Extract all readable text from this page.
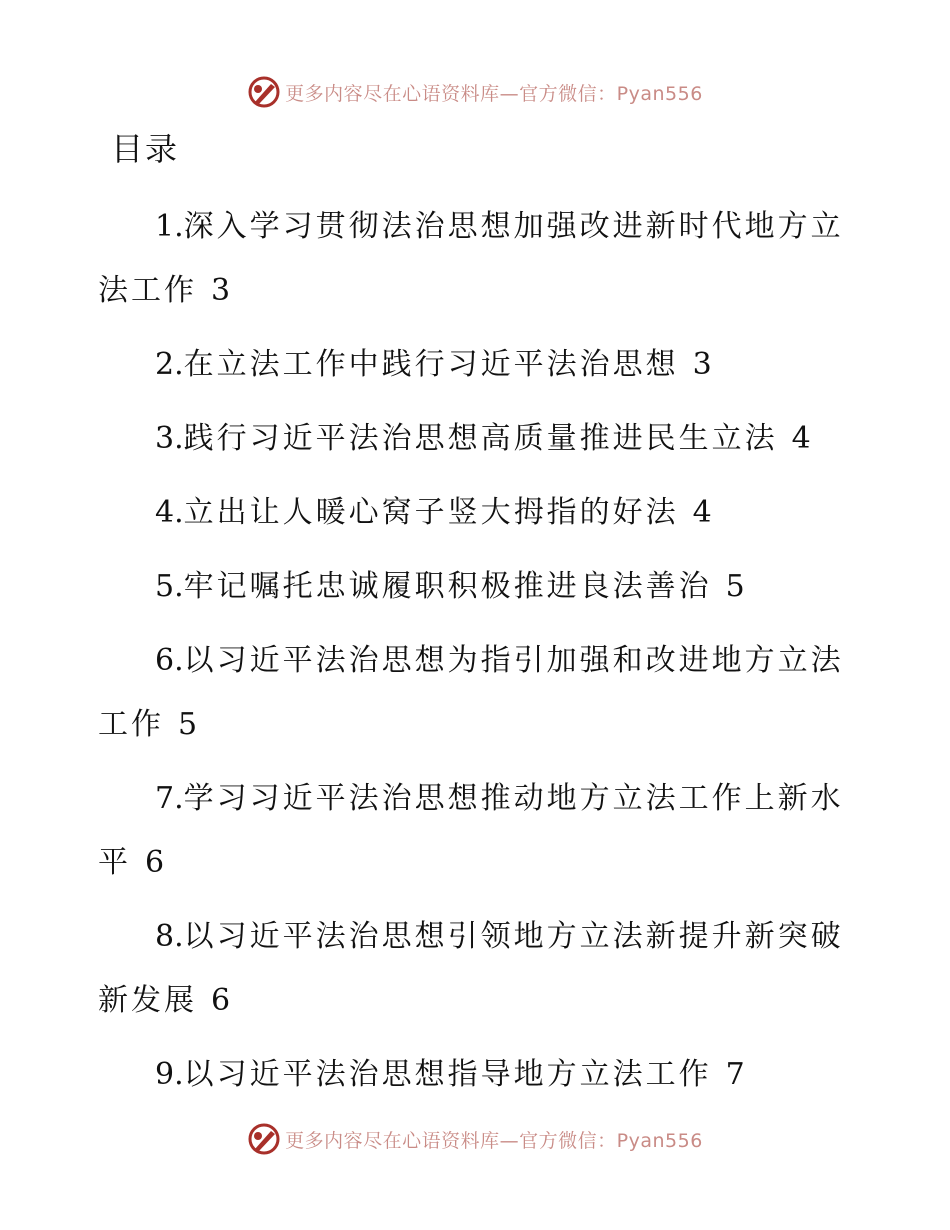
更多内容尽在心语资料库—官方微信：Pyan556
目录
1.深入学习贯彻法治思想加强改进新时代地方立法工作 3
2.在立法工作中践行习近平法治思想 3
3.践行习近平法治思想高质量推进民生立法 4
4.立出让人暖心窝子竖大拇指的好法 4
5.牢记嘱托忠诚履职积极推进良法善治 5
6.以习近平法治思想为指引加强和改进地方立法工作 5
7.学习习近平法治思想推动地方立法工作上新水平 6
8.以习近平法治思想引领地方立法新提升新突破新发展 6
9.以习近平法治思想指导地方立法工作 7
更多内容尽在心语资料库—官方微信：Pyan556
